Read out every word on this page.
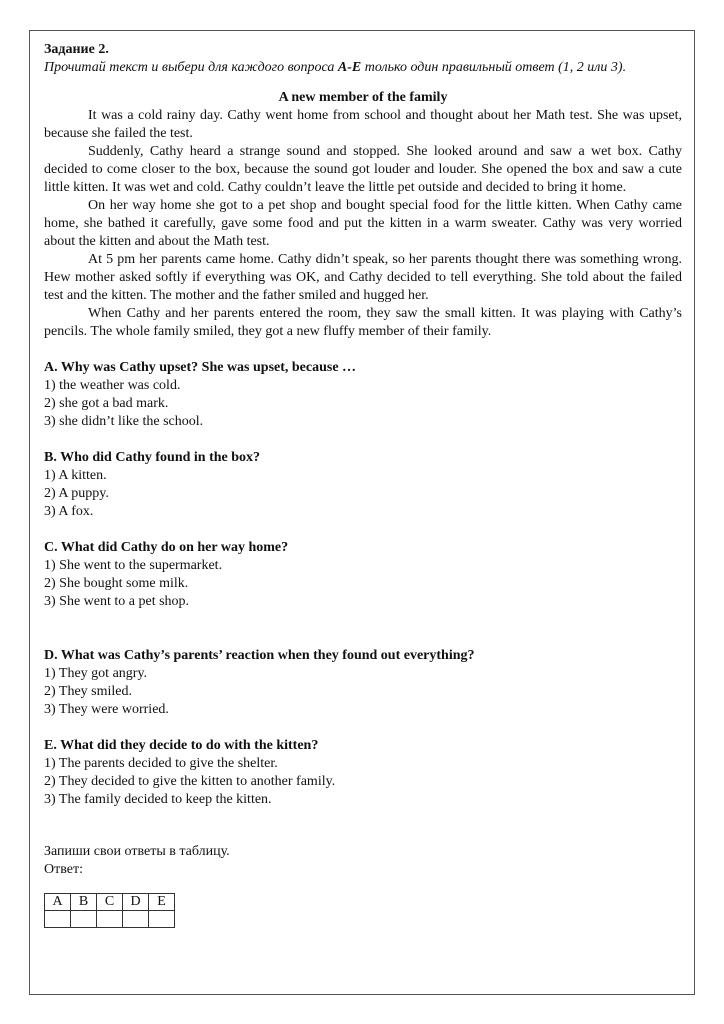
Задание 2.
Прочитай текст и выбери для каждого вопроса A-E только один правильный ответ (1, 2 или 3).
A new member of the family

It was a cold rainy day. Cathy went home from school and thought about her Math test. She was upset, because she failed the test.

Suddenly, Cathy heard a strange sound and stopped. She looked around and saw a wet box. Cathy decided to come closer to the box, because the sound got louder and louder. She opened the box and saw a cute little kitten. It was wet and cold. Cathy couldn’t leave the little pet outside and decided to bring it home.

On her way home she got to a pet shop and bought special food for the little kitten. When Cathy came home, she bathed it carefully, gave some food and put the kitten in a warm sweater. Cathy was very worried about the kitten and about the Math test.

At 5 pm her parents came home. Cathy didn’t speak, so her parents thought there was something wrong. Hew mother asked softly if everything was OK, and Cathy decided to tell everything. She told about the failed test and the kitten. The mother and the father smiled and hugged her.

When Cathy and her parents entered the room, they saw the small kitten. It was playing with Cathy’s pencils. The whole family smiled, they got a new fluffy member of their family.

A. Why was Cathy upset? She was upset, because …

1) the weather was cold.

2) she got a bad mark.

3) she didn’t like the school.

B. Who did Cathy found in the box?

1) A kitten.

2) A puppy.

3) A fox.

C. What did Cathy do on her way home?

1) She went to the supermarket.

2) She bought some milk.

3) She went to a pet shop.

D. What was Cathy’s parents’ reaction when they found out everything?

1) They got angry.

2) They smiled.

3) They were worried.

E. What did they decide to do with the kitten?

1) The parents decided to give the shelter.

2) They decided to give the kitten to another family.

3) The family decided to keep the kitten.

Запиши свои ответы в таблицу.
Ответ:
A	B	C	D	E
